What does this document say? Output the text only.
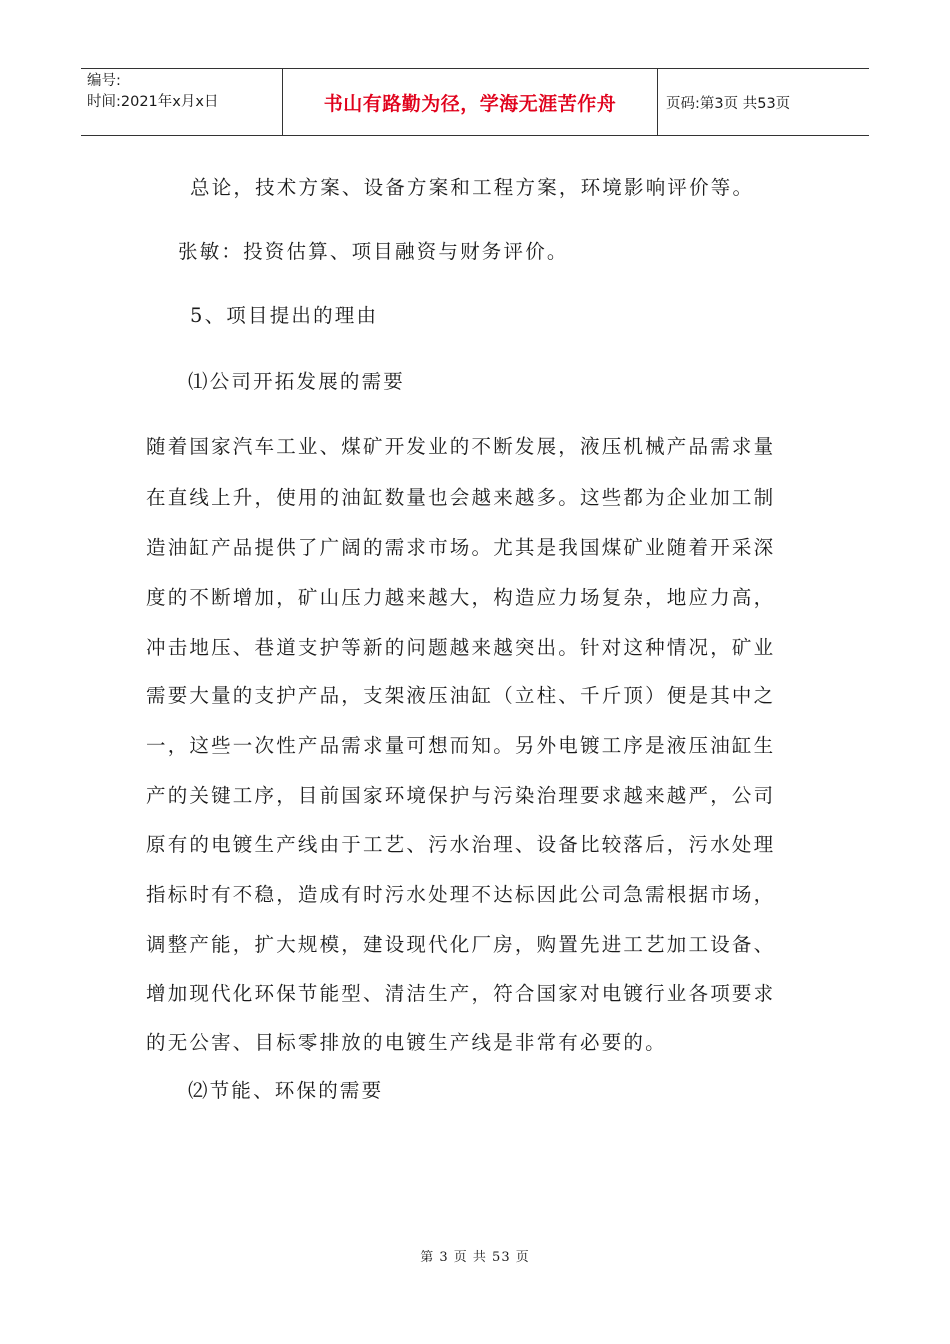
编号:
时间:2021年x月x日	书山有路勤为径，学海无涯苦作舟	页码:第3页 共53页
总论，技术方案、设备方案和工程方案，环境影响评价等。
张敏：投资估算、项目融资与财务评价。
5、项目提出的理由
⑴公司开拓发展的需要
随着国家汽车工业、煤矿开发业的不断发展，液压机械产品需求量
在直线上升，使用的油缸数量也会越来越多。这些都为企业加工制
造油缸产品提供了广阔的需求市场。尤其是我国煤矿业随着开采深
度的不断增加，矿山压力越来越大，构造应力场复杂，地应力高，
冲击地压、巷道支护等新的问题越来越突出。针对这种情况，矿业
需要大量的支护产品，支架液压油缸（立柱、千斤顶）便是其中之
一，这些一次性产品需求量可想而知。另外电镀工序是液压油缸生
产的关键工序，目前国家环境保护与污染治理要求越来越严，公司
原有的电镀生产线由于工艺、污水治理、设备比较落后，污水处理
指标时有不稳，造成有时污水处理不达标因此公司急需根据市场，
调整产能，扩大规模，建设现代化厂房，购置先进工艺加工设备、
增加现代化环保节能型、清洁生产，符合国家对电镀行业各项要求
的无公害、目标零排放的电镀生产线是非常有必要的。
⑵节能、环保的需要
第 3 页 共 53 页
